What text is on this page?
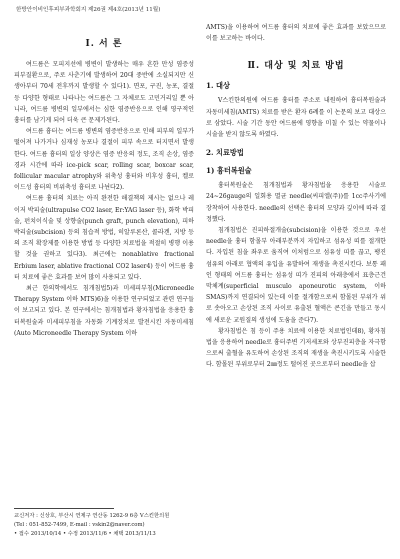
한방안이비인후피부과학회지 제26권 제4호(2013년 11월)
Ⅰ. 서 론

여드름은 모피지선에 병변이 발생하는 매우 흔한 만성 염증성 피부질환으로, 주로 사춘기에 발생하여 20대 중반에 소실되지만 신생아부터 70세 전후까지 발생할 수 있다1). 면포, 구진, 농포, 결절 등 다양한 형태로 나타나는 여드름은 그 자체로도 고민거리일 뿐 아니라, 여드름 병변의 일부에서는 심한 염증반응으로 인해 영구적인 흉터를 남기게 되어 더욱 큰 문제가된다.

여드름 흉터는 여드름 병변의 염증반응으로 인해 피부의 일부가 떨어져 나가거나 심재성 농포나 결절이 피부 속으로 터지면서 발생한다. 여드름 흉터의 일상 양상은 염증 반응의 정도, 조직 손상, 염증 경과 시간에 따라 ice-pick scar, rolling scar, boxcar scar, follicular macular atrophy와 위축성 흉터와 비후성 흉터, 켈로이드성 흉터의 비위축성 흉터로 나뉜다2).

여드름 흉터의 치료는 아직 완전한 해결책의 제시는 없으나 레이저 박피술(ultrapulse CO2 laser, Er:YAG laser 등), 화학 박피술, 펀치이식술 및 상향술(punch graft, punch elevation), 피하박리술(subcision) 등의 침습적 방법, 히알루론산, 콜라겐, 지방 등의 조직 확장제를 이용한 방법 등 다양한 치료법을 적절히 병행 이용할 것을 권하고 있다3). 최근에는 nonablative fractional Erbium laser, ablative fractional CO2 laser4) 등이 여드름 흉터 치료에 좋은 효과를 보여 많이 사용되고 있다.

최근 한의학에서도 침개침법5)과 미세피부침(Microneedle Therapy System 이하 MTS)6)을 이용한 연구되었고 관련 연구들이 보고되고 있다. 본 연구에서는 침개침법과 황자침법을 응용한 흉터복원술과 미세피부침을 자동화 기계장치로 발전시킨 자동미세침(Auto Microneedle Therapy System 이하

AMTS)을 이용하여 여드름 흉터의 치료에 좋은 효과를 보았으므로 이를 보고하는 바이다.

Ⅱ. 대상 및 치료 방법
1. 대상

V스킨한의원에 여드름 흉터를 주소로 내원하여 흉터복원술과 자동미세침(AMTS) 치료를 받은 환자 6례를 이 논문의 보고 대상으로 삼았다. 시술 기간 동안 여드름에 영향을 미칠 수 있는 약물이나 시술을 받지 않도록 하였다.

2. 치료방법
1) 흉터복원술

흉터복원술은 침개침법과 황자침법을 응용한 시술로 24~26gauge의 일회용 멸균 needle(씨피엘(주))를 1cc주사기에 장착하여 사용한다. needle의 선택은 흉터의 모양과 깊이에 따라 결정했다.

침개침법은 진피하절개술(subcision)을 이용한 것으로 우선 needle을 흉터 함몰부 아래부분까지 자입하고 섬유성 띠를 절개한다. 자입된 침을 좌우로 움직여 이처럼으로 섬유성 띠를 끊고, 팽진 섬유의 아래로 협액의 유입을 유발하여 재생을 촉진시킨다. 보통 패인 형태의 여드름 흉터는 섬유성 띠가 진피의 아래층에서 표층근건막체계(superficial musculo aponeurotic system, 이하 SMAS)까지 연결되어 있는데 이를 절개함으로써 함몰된 부위가 위로 솟아오고 손상된 조직 사이로 유출된 혈액은 콘긴을 만들고 동시에 새로운 교원질의 생성에 도움을 준다7).

황자침법은 침 등이 주용 치료에 이용한 치료법인데8), 황자침법을 응용하여 needle로 흉터주변 기저세포와 상부진피층을 자극함으로써 출혈을 유도하여 손상된 조직의 재생을 촉진시키도록 시술한다. 함몰된 부위로부터 2㎜정도 떨어진 곳으로부터 needle을 삽

교신저자 : 신상호, 부산시 연제구 연산동 1262-9 6층 V스킨한의원
(Tel : 051-852-7499, E-mail : vskin2@naver.com)
• 접수 2013/10/14 • 수정 2013/11/6 • 채택 2013/11/13
